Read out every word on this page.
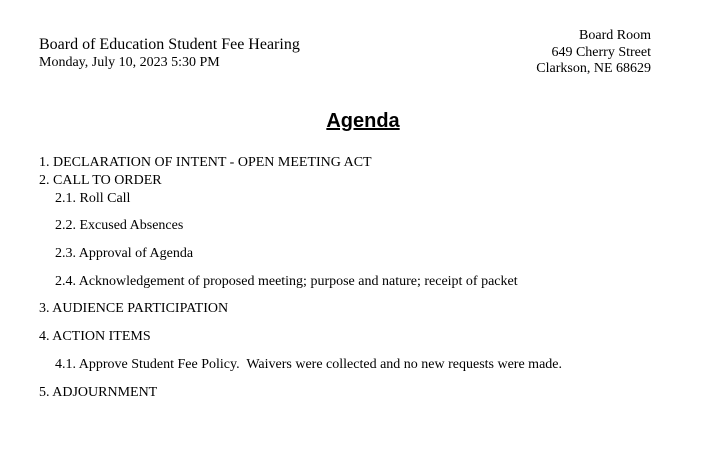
Board of Education Student Fee Hearing
Monday, July 10, 2023 5:30 PM
Board Room
649 Cherry Street
Clarkson, NE 68629
Agenda
1. DECLARATION OF INTENT - OPEN MEETING ACT
2. CALL TO ORDER
2.1. Roll Call
2.2. Excused Absences
2.3. Approval of Agenda
2.4. Acknowledgement of proposed meeting; purpose and nature; receipt of packet
3. AUDIENCE PARTICIPATION
4. ACTION ITEMS
4.1. Approve Student Fee Policy.  Waivers were collected and no new requests were made.
5. ADJOURNMENT
